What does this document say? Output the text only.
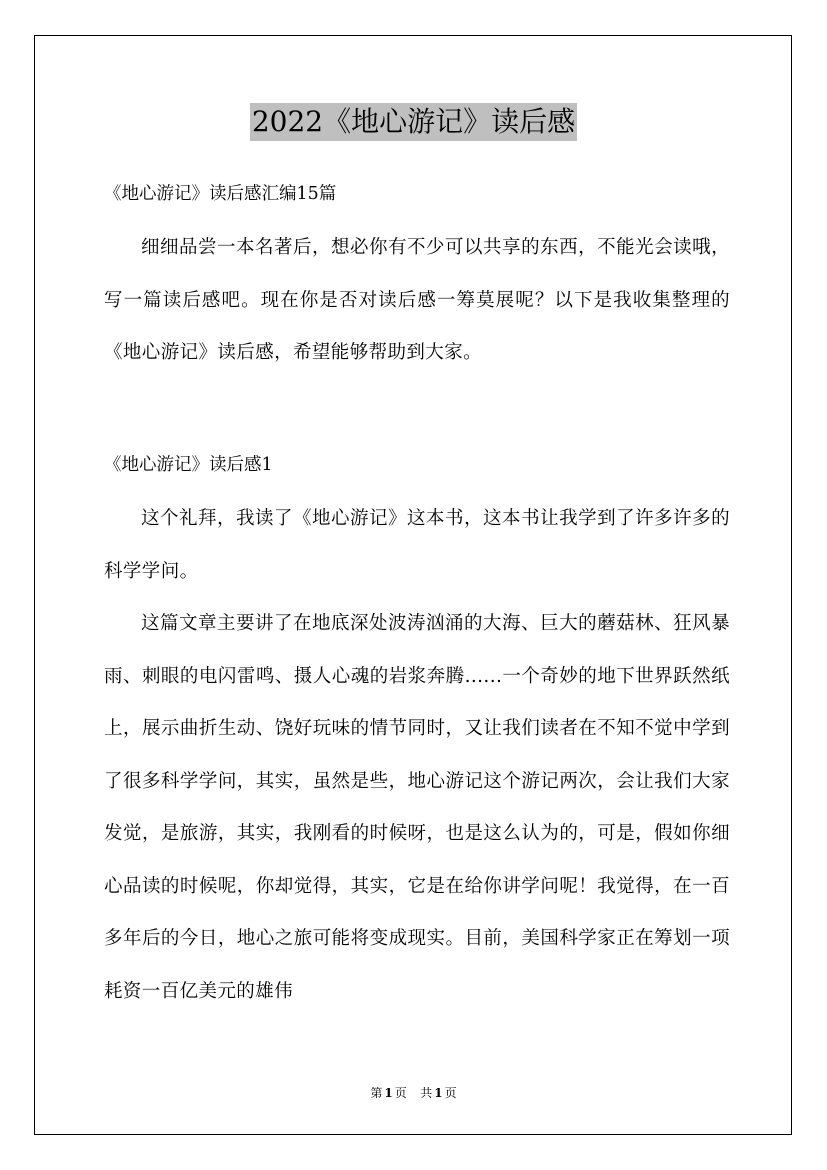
2022《地心游记》读后感
《地心游记》读后感汇编15篇
细细品尝一本名著后，想必你有不少可以共享的东西，不能光会读哦，写一篇读后感吧。现在你是否对读后感一筹莫展呢？以下是我收集整理的《地心游记》读后感，希望能够帮助到大家。
《地心游记》读后感1
这个礼拜，我读了《地心游记》这本书，这本书让我学到了许多许多的科学学问。
这篇文章主要讲了在地底深处波涛汹涌的大海、巨大的蘑菇林、狂风暴雨、刺眼的电闪雷鸣、摄人心魂的岩浆奔腾......一个奇妙的地下世界跃然纸上，展示曲折生动、饶好玩味的情节同时，又让我们读者在不知不觉中学到了很多科学学问，其实，虽然是些，地心游记这个游记两次，会让我们大家发觉，是旅游，其实，我刚看的时候呀，也是这么认为的，可是，假如你细心品读的时候呢，你却觉得，其实，它是在给你讲学问呢！我觉得，在一百多年后的今日，地心之旅可能将变成现实。目前，美国科学家正在筹划一项耗资一百亿美元的雄伟
第 1 页 共 1 页
